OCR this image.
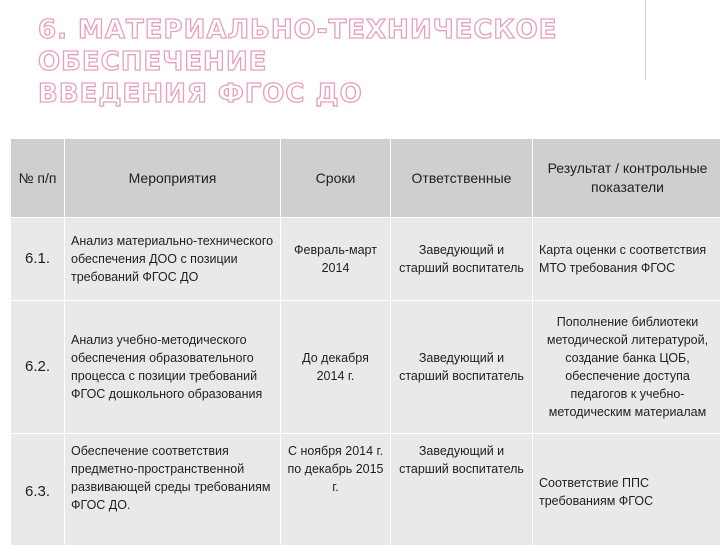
6. МАТЕРИАЛЬНО-ТЕХНИЧЕСКОЕ
ОБЕСПЕЧЕНИЕ
ВВЕДЕНИЯ ФГОС ДО
№ п/п	Мероприятия	Сроки	Ответственные	Результат / контрольные показатели
6.1.	Анализ материально-технического обеспечения ДОО с позиции требований ФГОС ДО	Февраль-март 2014	Заведующий и старший воспитатель	Карта оценки с соответствия МТО требования ФГОС
6.2.	Анализ учебно-методического обеспечения образовательного процесса с позиции требований ФГОС дошкольного образования	До декабря 2014 г.	Заведующий и старший воспитатель	Пополнение библиотеки методической литературой, создание банка ЦОБ, обеспечение доступа педагогов к учебно-методическим материалам
6.3.	Обеспечение соответствия предметно-пространственной развивающей среды требованиям ФГОС ДО.	С ноября 2014 г. по декабрь 2015 г.	Заведующий и старший воспитатель	Соответствие ППС требованиям ФГОС
